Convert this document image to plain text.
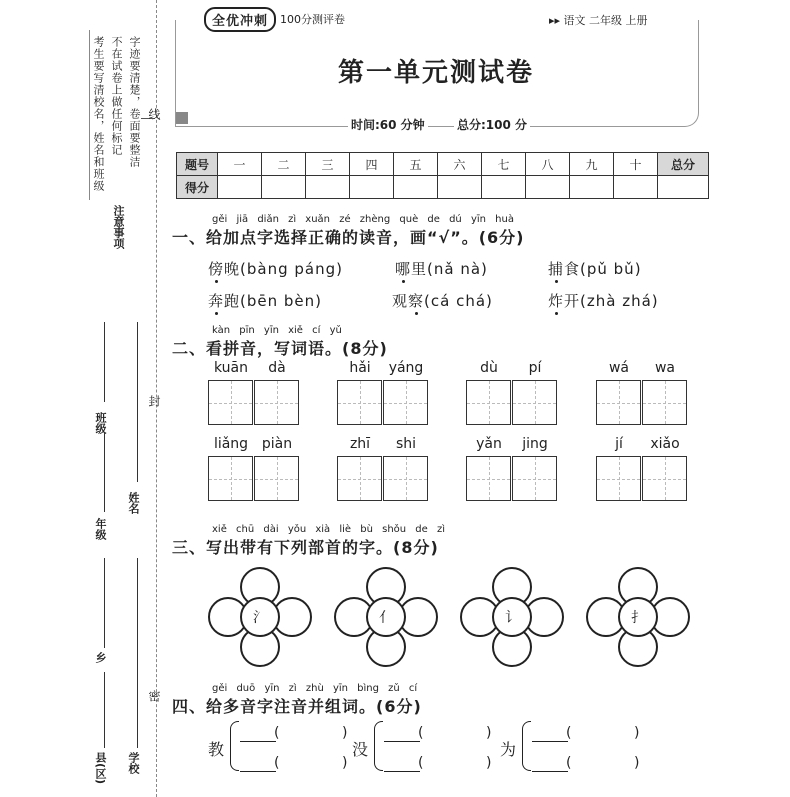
考生要写清校名，姓名和班级 不在试卷上做任何标记 字迹要清楚，卷面要整洁
注意事项
线
封
密
班级
年级
姓名
乡
县(区) 学校
全优冲刺	100分测评卷	▸▸ 语文 二年级 上册
第一单元测试卷
时间:60 分钟	总分:100 分
题号	一	二	三	四	五	六	七	八	九	十	总分
得分											
gěi jiā diǎn zì xuǎn zé zhèng què de dú yīn huà
一、给加点字选择正确的读音，画“√”。(6分)
傍晚(bàng páng)	哪里(nǎ nà)	捕食(pǔ bǔ)
奔跑(bēn bèn)	观察(cá chá)	炸开(zhà zhá)
kàn pīn yīn xiě cí yǔ
二、看拼音，写词语。(8分)
kuān	dà	hǎi	yáng	dù	pí	wá	wa
liǎng piàn	zhī	shi	yǎn	jing	jí	xiǎo
xiě chū dài yǒu xià liè bù shǒu de zì
三、写出带有下列部首的字。(8分)
氵	亻	讠	扌
gěi duō yīn zì zhù yīn bìng zǔ cí
四、给多音字注音并组词。(6分)
教
(	)
(	)
没
(	)
(	)
为
(	)
(	)
